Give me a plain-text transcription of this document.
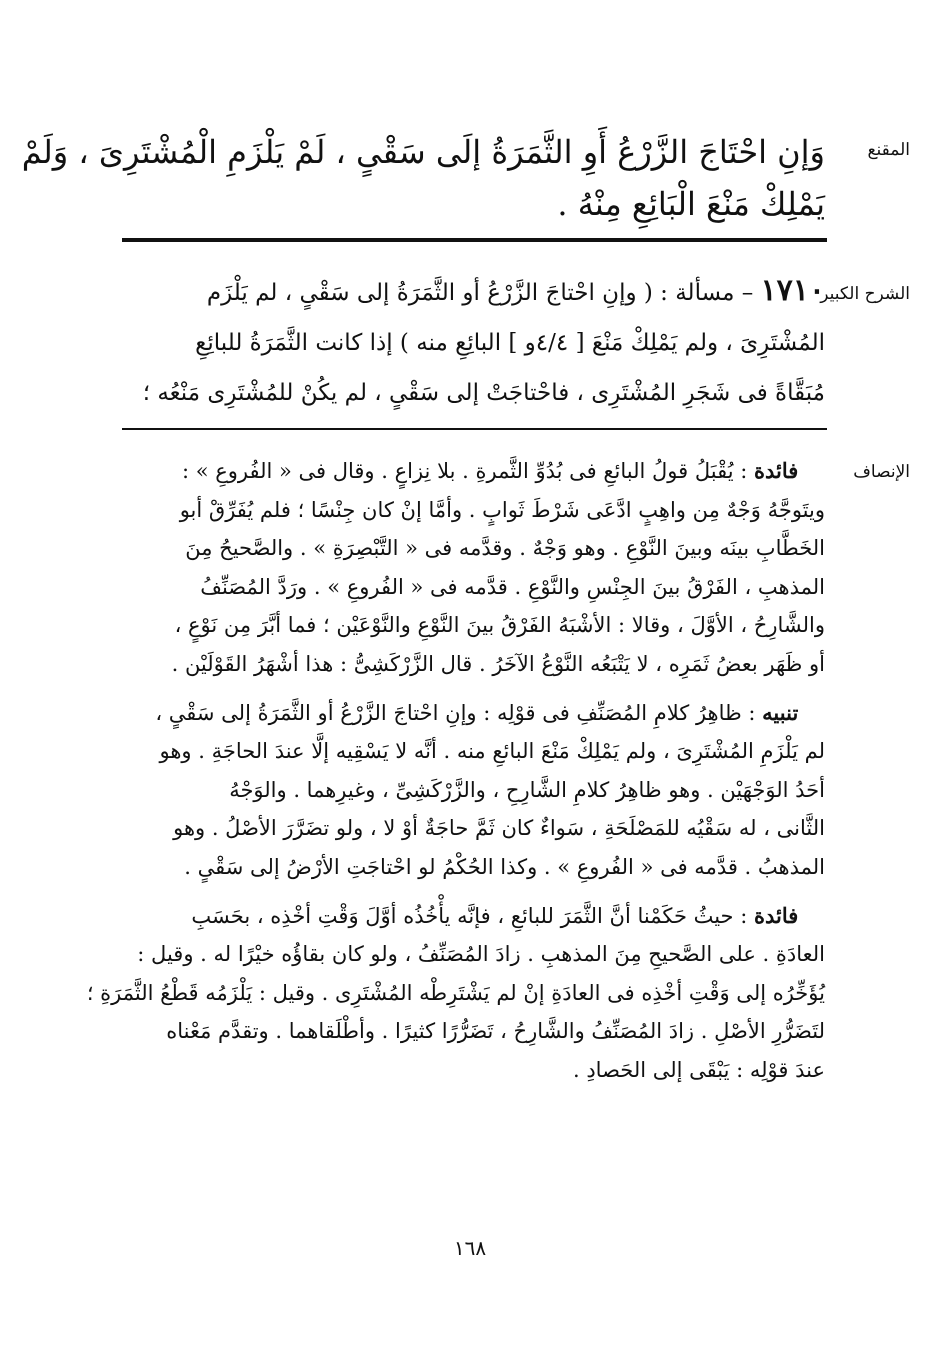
المقنع
وَإنِ احْتَاجَ الزَّرْعُ أَوِ الثَّمَرَةُ إلَى سَقْىٍ ، لَمْ يَلْزَمِ الْمُشْتَرِىَ ، وَلَمْ
يَمْلِكْ مَنْعَ الْبَائِعِ مِنْهُ .
الشرح الكبير
١٧١٠ – مسألة : ( وإنِ احْتاجَ الزَّرْعُ أو الثَّمَرَةُ إلى سَقْىٍ ، لم يَلْزَم
المُشْتَرِىَ ، ولم يَمْلِكْ مَنْعَ [ ٤/٤و ] البائِعِ منه ) إذا كانت الثَّمَرَةُ للبائِعِ
مُبَقَّاةً فى شَجَرِ المُشْتَرِى ، فاحْتاجَتْ إلى سَقْىٍ ، لم يكُنْ للمُشْتَرِى مَنْعُه ؛
الإنصاف
فائدة : يُقْبَلُ قولُ البائعِ فى بُدُوِّ الثَّمرةِ . بلا نِزاعٍ . وقال فى « الفُروعِ » :
ويتَوجَّهُ وَجْهٌ مِن واهِبٍ ادَّعَى شَرْطَ ثَوابٍ . وأمَّا إنْ كان جِنْسًا ؛ فلم يُفَرِّقْ أبو
الخَطَّابِ بينَه وبينَ النَّوْعِ . وهو وَجْهٌ . وقدَّمه فى « التَّبْصِرَةِ » . والصَّحيحُ مِنَ
المذهبِ ، الفَرْقُ بينَ الجِنْسِ والنَّوْعِ . قدَّمه فى « الفُروعِ » . ورَدَّ المُصَنِّفُ
والشَّارِحُ ، الأوَّلَ ، وقالا : الأشْبَهُ الفَرْقُ بينَ النَّوْعِ والنَّوْعَيْن ؛ فما أبَّرَ مِن نَوْعٍ ،
أو ظَهَر بعضُ ثَمَرِه ، لا يَتْبَعُه النَّوْعُ الآخَرُ . قال الزَّرْكَشِىُّ : هذا أشْهَرُ القَوْلَيْن .
تنبيه : ظاهِرُ كلامِ المُصَنِّفِ فى قوْلِه : وإنِ احْتاجَ الزَّرْعُ أو الثَّمَرَةُ إلى سَقْىٍ ،
لم يَلْزَمِ المُشْتَرِىَ ، ولم يَمْلِكْ مَنْعَ البائعِ منه . أنَّه لا يَسْقِيه إلَّا عندَ الحاجَةِ . وهو
أحَدُ الوَجْهَيْن . وهو ظاهِرُ كلامِ الشَّارِحِ ، والزَّرْكَشِىِّ ، وغيرِهما . والوَجْهُ
الثَّانى ، له سَقْيُه للمَصْلَحَةِ ، سَواءٌ كان ثَمَّ حاجَةٌ أوْ لا ، ولو تضَرَّرَ الأصْلُ . وهو
المذهبُ . قدَّمه فى « الفُروعِ » . وكذا الحُكْمُ لو احْتاجَتِ الأرْضُ إلى سَقْىٍ .
فائدة : حيثُ حَكَمْنا أنَّ الثَّمَرَ للبائعِ ، فإنَّه يأْخُذُه أوَّلَ وَقْتِ أخْذِه ، بحَسَبِ
العادَةِ . على الصَّحيحِ مِنَ المذهبِ . زادَ المُصَنِّفُ ، ولو كان بقاؤُه خيْرًا له . وقيل :
يُؤَخِّرُه إلى وَقْتِ أخْذِه فى العادَةِ إنْ لم يَشْتَرِطْه المُشْتَرِى . وقيل : يَلْزَمُه قَطْعُ الثَّمَرَةِ ؛
لتَضَرُّرِ الأصْلِ . زادَ المُصَنِّفُ والشَّارِحُ ، تَضَرُّرًا كثيرًا . وأطْلَقاهما . وتقدَّم مَعْناه
عندَ قوْلِه : يَبْقَى إلى الحَصادِ .
١٦٨
